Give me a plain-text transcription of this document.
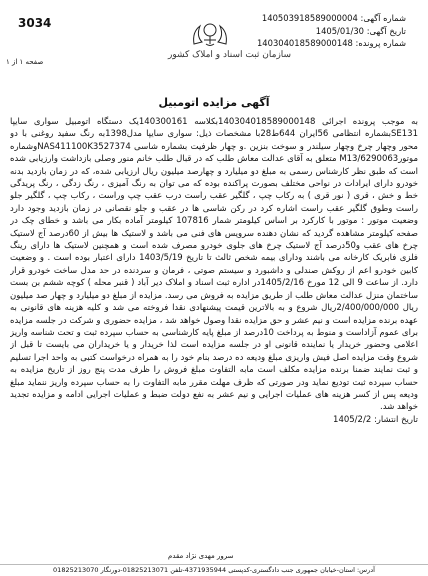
3034
سازمان ثبت اسناد و املاک کشور
شماره آگهی: 140503918589000004
تاریخ آگهی: 1405/01/30
شماره پرونده: 140304018589000148
صفحه ۱ از ۱
آگهی مزایده اتومبیل
به موجب پرونده اجرائی 140304018589000148بکلاسه 140300161یک دستگاه اتومبیل سواری سایپا SE131بشماره انتظامی 56ایران 644ط28با مشخصات ذیل: سواری سایپا مدل1398به رنگ سفید روغنی با دو محور وچهار چرخ وچهار سیلندر و سوخت بنزین .و چهار ظرفیت بشماره شاسی NAS411100K3527374وشماره موتورM13/6290063 متعلق به آقای عدالت معاش طلب که در قبال طلب خانم منور وصلی بازداشت وارزیابی شده است که طبق نظر کارشناس رسمی به مبلغ دو میلیارد و چهارصد میلیون ریال ارزیابی شده، که در زمان بازدید بدنه خودرو دارای ایرادات در نواحی مختلف بصورت پراکنده بوده که می توان به رنگ آمیزی ، رنگ زدگی ، رنگ پریدگی خط و خش ، قری ( نور قری ) به رکاب چپ ، گلگیر عقب راست درب عقب چپ وراست ، رکاب چپ ، گلگیر جلو راست وطوق گلگیر عقب راست اشاره کرد در رکن شاسی ها در عقب و جلو نقصانی در زمان بازدید وجود دارد وضعیت موتور : موتور با کارکرد بر اساس کیلومتر شمار 107816 کیلومتر آماده بکار می باشد و خطای چک در صفحه کیلومتر مشاهده گردید که نشان دهنده سرویس های فنی می باشد و لاستیک ها بیش از 60درصد آج لاستیک چرخ های عقب و50درصد آج لاستیک چرخ های جلوی خودرو مصرف شده است و همچنین لاستیک ها دارای رینگ فلزی فابریک کارخانه می باشند ودارای بیمه شخص ثالث تا تاریخ 1403/5/19 دارای اعتبار بوده است . و وضعیت کابین خودرو اعم از روکش صندلی و داشبورد و سیستم صوتی ، فرمان و سردنده در حد مدل ساخت خودرو قرار دارد. از ساعت 9 الی 12 مورخ 1405/2/16در اداره ثبت اسناد و املاک دیر آباد ( قنبر محله ) کوچه ششم بن بست ساختمان منزل عدالت معاش طلب از طریق مزایده به فروش می رسد. مزایده از مبلغ دو میلیارد و چهار صد میلیون ریال 2/400/000/000ریال شروع و به بالاترین قیمت پیشنهادی نقدا فروخته می شد و کلیه هزینه های قانونی به عهده برنده مزایده است و نیم عشر و حق مزایده نقدا وصول خواهد شد ، مزایده حضوری و شرکت در جلسه مزایده برای عموم آزاداست و منوط به پرداخت 10درصد از مبلغ پایه کارشناسی به حساب سپرده ثبت و تحت شناسه واریز اعلامی وحضور خریدار یا نماینده قانونی او در جلسه مزایده است لذا خریدار و یا خریداران می بایست تا قبل از شروع وقت مزایده اصل فیش واریزی مبلغ ودیعه ده درصد بنام خود را به همراه درخواست کتبی به واحد اجرا تسلیم و ثبت نمایند ضمنا برنده مزایده مکلف است مابه التفاوت مبلغ فروش را ظرف مدت پنج روز از تاریخ مزایده به حساب سپرده ثبت تودیع نماید ودر صورتی که ظرف مهلت مقرر مابه التفاوت را به حساب سپرده واریز ننماید مبلغ ودیعه پس از کسر هزینه های عملیات اجرایی و نیم عشر به نفع دولت ضبط و عملیات اجرایی ادامه و مزایده تجدید خواهد شد.
تاریخ انتشار: 1405/2/2
سرور مهدی نژاد مقدم
آدرس: استان-خیابان جمهوری جنب دادگستری-کدپستی 4371935944-تلفن 01825213071-دورنگار 01825213070
